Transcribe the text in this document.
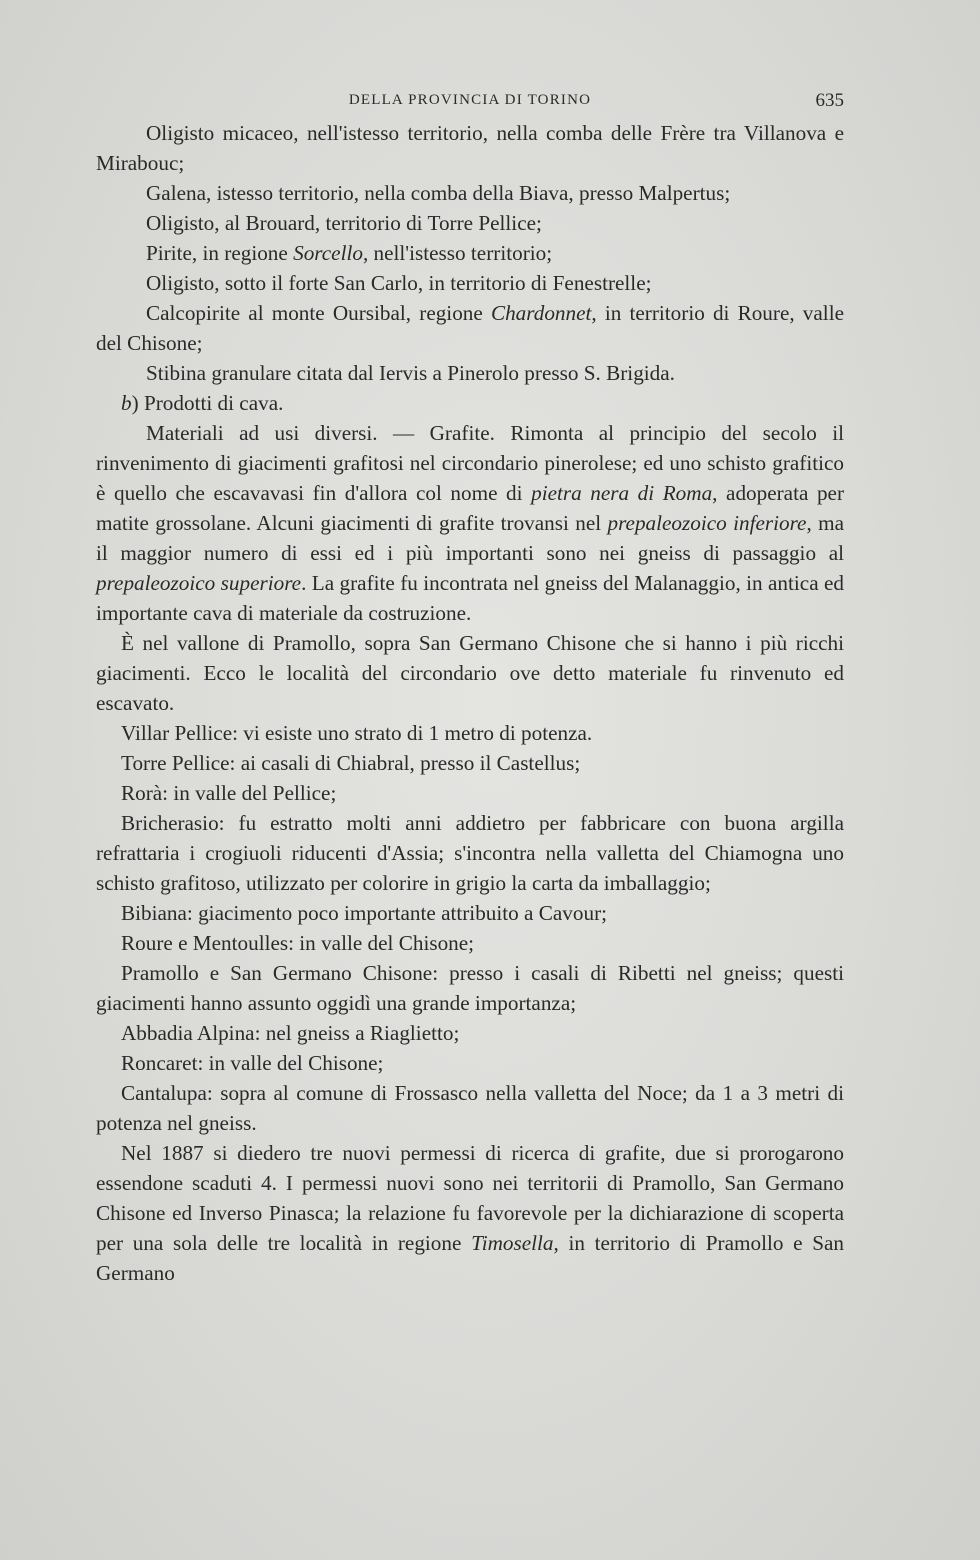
DELLA PROVINCIA DI TORINO	635

Oligisto micaceo, nell'istesso territorio, nella comba delle Frère tra Villanova e Mirabouc;

Galena, istesso territorio, nella comba della Biava, presso Malpertus;

Oligisto, al Brouard, territorio di Torre Pellice;

Pirite, in regione Sorcello, nell'istesso territorio;

Oligisto, sotto il forte San Carlo, in territorio di Fenestrelle;

Calcopirite al monte Oursibal, regione Chardonnet, in territorio di Roure, valle del Chisone;

Stibina granulare citata dal Iervis a Pinerolo presso S. Brigida.

b) Prodotti di cava.

Materiali ad usi diversi. — Grafite. Rimonta al principio del secolo il rinvenimento di giacimenti grafitosi nel circondario pinerolese; ed uno schisto grafitico è quello che escavavasi fin d'allora col nome di pietra nera di Roma, adoperata per matite grossolane. Alcuni giacimenti di grafite trovansi nel prepaleozoico inferiore, ma il maggior numero di essi ed i più importanti sono nei gneiss di passaggio al prepaleozoico superiore. La grafite fu incontrata nel gneiss del Malanaggio, in antica ed importante cava di materiale da costruzione.

È nel vallone di Pramollo, sopra San Germano Chisone che si hanno i più ricchi giacimenti. Ecco le località del circondario ove detto materiale fu rinvenuto ed escavato.

Villar Pellice: vi esiste uno strato di 1 metro di potenza.

Torre Pellice: ai casali di Chiabral, presso il Castellus;

Rorà: in valle del Pellice;

Bricherasio: fu estratto molti anni addietro per fabbricare con buona argilla refrattaria i crogiuoli riducenti d'Assia; s'incontra nella valletta del Chiamogna uno schisto grafitoso, utilizzato per colorire in grigio la carta da imballaggio;

Bibiana: giacimento poco importante attribuito a Cavour;

Roure e Mentoulles: in valle del Chisone;

Pramollo e San Germano Chisone: presso i casali di Ribetti nel gneiss; questi giacimenti hanno assunto oggidì una grande importanza;

Abbadia Alpina: nel gneiss a Riaglietto;

Roncaret: in valle del Chisone;

Cantalupa: sopra al comune di Frossasco nella valletta del Noce; da 1 a 3 metri di potenza nel gneiss.

Nel 1887 si diedero tre nuovi permessi di ricerca di grafite, due si prorogarono essendone scaduti 4. I permessi nuovi sono nei territorii di Pramollo, San Germano Chisone ed Inverso Pinasca; la relazione fu favorevole per la dichiarazione di scoperta per una sola delle tre località in regione Timosella, in territorio di Pramollo e San Germano
